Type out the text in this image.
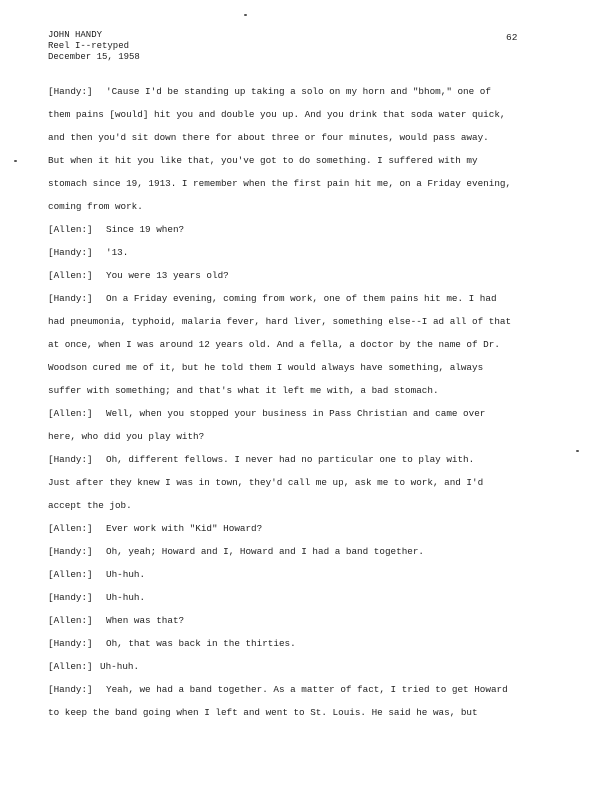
JOHN HANDY
Reel I--retyped
December 15, 1958
62
[Handy:] 'Cause I'd be standing up taking a solo on my horn and "bhom," one of
them pains [would] hit you and double you up. And you drink that soda water quick,
and then you'd sit down there for about three or four minutes, would pass away.
But when it hit you like that, you've got to do something. I suffered with my
stomach since 19, 1913. I remember when the first pain hit me, on a Friday evening,
coming from work.
[Allen:] Since 19 when?
[Handy:] '13.
[Allen:] You were 13 years old?
[Handy:] On a Friday evening, coming from work, one of them pains hit me. I had
had pneumonia, typhoid, malaria fever, hard liver, something else--I ad all of that
at once, when I was around 12 years old. And a fella, a doctor by the name of Dr.
Woodson cured me of it, but he told them I would always have something, always
suffer with something; and that's what it left me with, a bad stomach.
[Allen:] Well, when you stopped your business in Pass Christian and came over
here, who did you play with?
[Handy:] Oh, different fellows. I never had no particular one to play with.
Just after they knew I was in town, they'd call me up, ask me to work, and I'd
accept the job.
[Allen:] Ever work with "Kid" Howard?
[Handy:] Oh, yeah; Howard and I, Howard and I had a band together.
[Allen:] Uh-huh.
[Handy:] Uh-huh.
[Allen:] When was that?
[Handy:] Oh, that was back in the thirties.
[Allen:] Uh-huh.
[Handy:] Yeah, we had a band together. As a matter of fact, I tried to get Howard
to keep the band going when I left and went to St. Louis. He said he was, but
